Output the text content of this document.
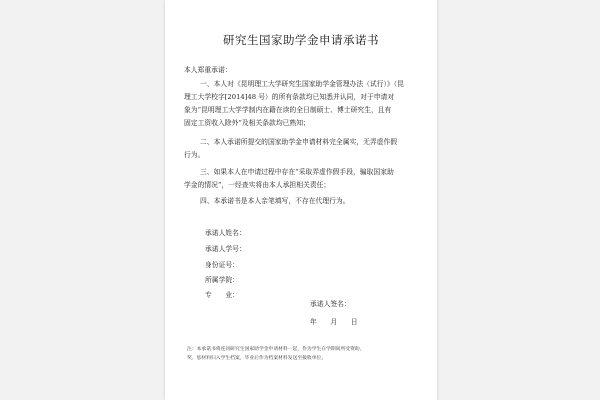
研究生国家助学金申请承诺书
本人郑重承诺：
一、本人对《昆明理工大学研究生国家助学金管理办法（试行）》（昆
理工大学校字[2014]48 号）的所有条款均已知悉并认同，对于申请对
象为“昆明理工大学学制内在籍在读的全日制硕士、博士研究生，且有
固定工资收入除外”及相关条款均已熟知；
二、本人承诺所提交的国家助学金申请材料完全属实，无弄虚作假
行为。
三、如果本人在申请过程中存在“采取弄虚作假手段，骗取国家助
学金的情况”，一经查实将由本人承担相关责任；
四、本承诺书是本人亲笔填写，不存在代理行为。
承诺人姓名：
承诺人学号：
身份证号：
所属学院：
专　　业：
承诺人签名：
年　　月　　日
注：本承诺书将连同研究生国家助学金申请材料一起，作为学生在学期间所受资助、
奖、惩材料归入学生档案，毕业后作为档案材料发送至接收单位。
